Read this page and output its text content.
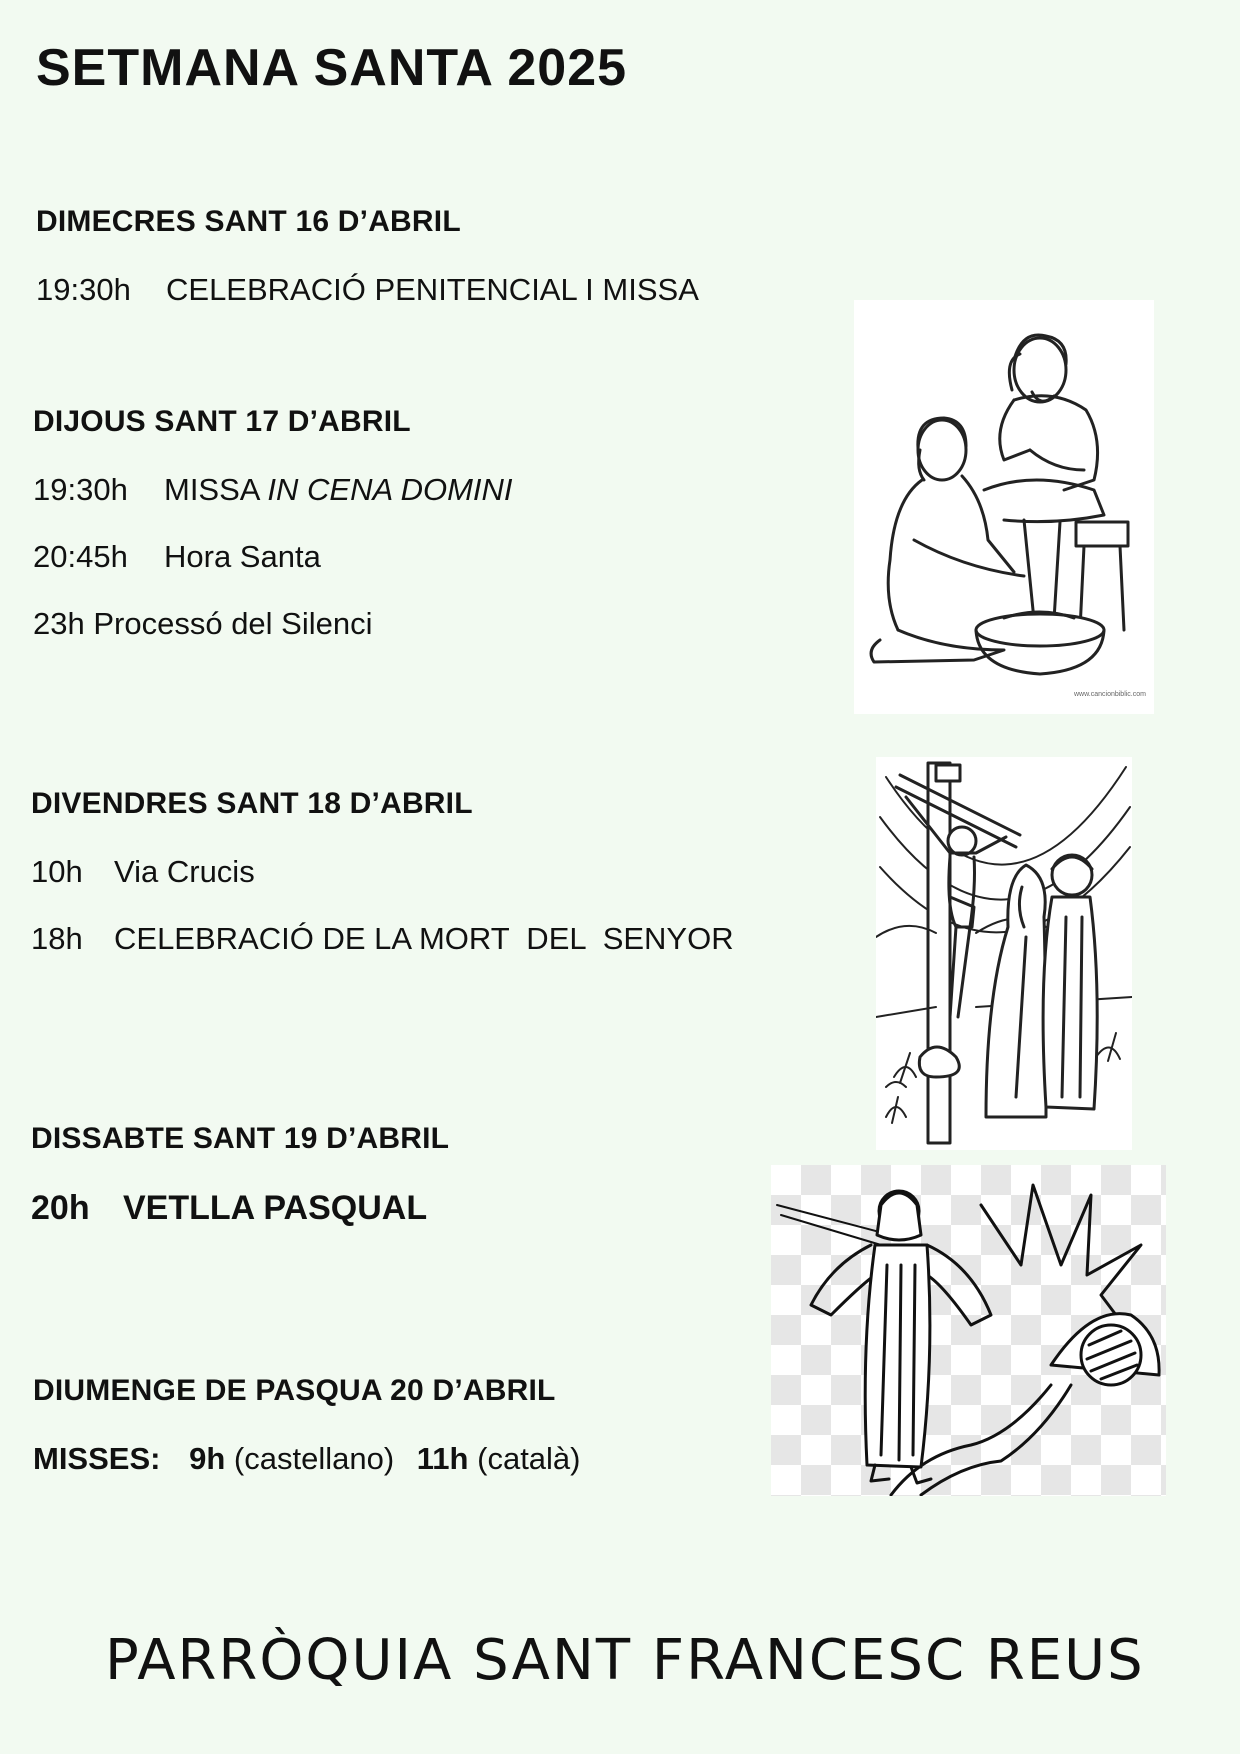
SETMANA SANTA 2025
DIMECRES SANT 16 D’ABRIL
19:30h CELEBRACIÓ PENITENCIAL I MISSA
DIJOUS SANT 17 D’ABRIL
19:30h MISSA IN CENA DOMINI
20:45h Hora Santa
23h Processó del Silenci
DIVENDRES SANT 18 D’ABRIL
10h Via Crucis
18h CELEBRACIÓ DE LA MORT  DEL  SENYOR
DISSABTE SANT 19 D’ABRIL
20h VETLLA PASQUAL
DIUMENGE DE PASQUA 20 D’ABRIL
MISSES: 9h (castellano) 11h (català)
www.cancionbiblic.com
PARRÒQUIA SANT FRANCESC REUS
